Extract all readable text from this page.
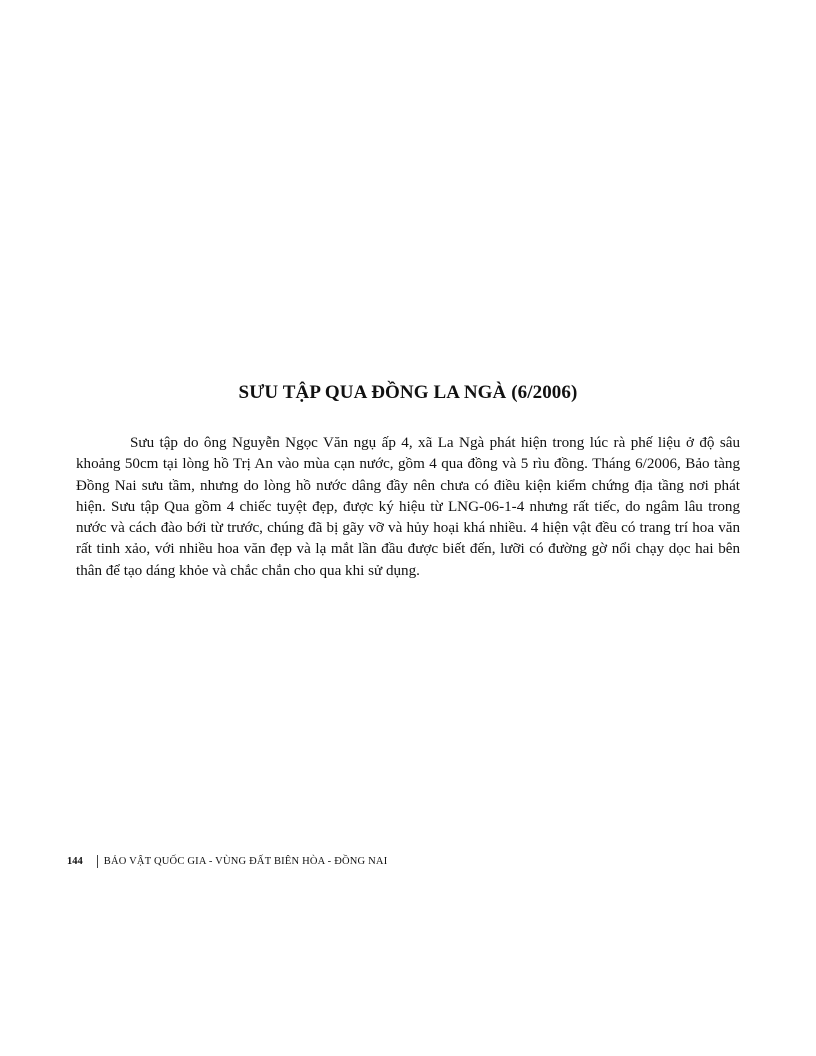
SƯU TẬP QUA ĐỒNG LA NGÀ (6/2006)

Sưu tập do ông Nguyễn Ngọc Văn ngụ ấp 4, xã La Ngà phát hiện trong lúc rà phế liệu ở độ sâu khoảng 50cm tại lòng hồ Trị An vào mùa cạn nước, gồm 4 qua đồng và 5 rìu đồng. Tháng 6/2006, Bảo tàng Đồng Nai sưu tầm, nhưng do lòng hồ nước dâng đầy nên chưa có điều kiện kiểm chứng địa tầng nơi phát hiện. Sưu tập Qua gồm 4 chiếc tuyệt đẹp, được ký hiệu từ LNG-06-1-4 nhưng rất tiếc, do ngâm lâu trong nước và cách đào bới từ trước, chúng đã bị gãy vỡ và hủy hoại khá nhiều. 4 hiện vật đều có trang trí hoa văn rất tinh xảo, với nhiều hoa văn đẹp và lạ mắt lần đầu được biết đến, lưỡi có đường gờ nổi chạy dọc hai bên thân để tạo dáng khỏe và chắc chắn cho qua khi sử dụng.

144 BẢO VẬT QUỐC GIA - VÙNG ĐẤT BIÊN HÒA - ĐỒNG NAI
